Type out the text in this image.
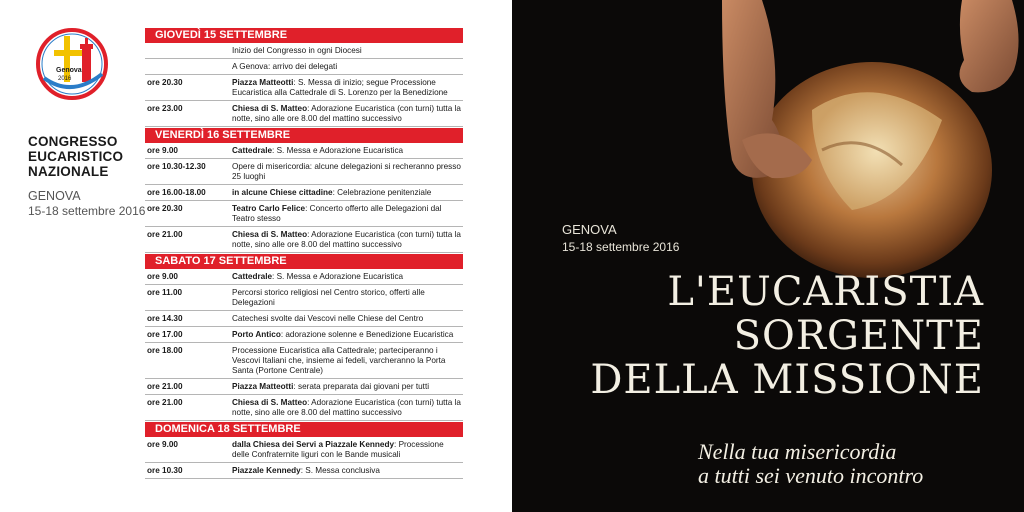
Genova
2016
CONGRESSO
EUCARISTICO
NAZIONALE
GENOVA
15-18 settembre 2016
GIOVEDÌ 15 SETTEMBRE
Inizio del Congresso in ogni Diocesi
A Genova: arrivo dei delegati
ore 20.30	Piazza Matteotti: S. Messa di inizio; segue Processione Eucaristica alla Cattedrale di S. Lorenzo per la Benedizione
ore 23.00	Chiesa di S. Matteo: Adorazione Eucaristica (con turni) tutta la notte, sino alle ore 8.00 del mattino successivo
VENERDÌ 16 SETTEMBRE
ore 9.00	Cattedrale: S. Messa e Adorazione Eucaristica
ore 10.30-12.30	Opere di misericordia: alcune delegazioni si recheranno presso 25 luoghi
ore 16.00-18.00	in alcune Chiese cittadine: Celebrazione penitenziale
ore 20.30	Teatro Carlo Felice: Concerto offerto alle Delegazioni dal Teatro stesso
ore 21.00	Chiesa di S. Matteo: Adorazione Eucaristica (con turni) tutta la notte, sino alle ore 8.00 del mattino successivo
SABATO 17 SETTEMBRE
ore 9.00	Cattedrale: S. Messa e Adorazione Eucaristica
ore 11.00	Percorsi storico religiosi nel Centro storico, offerti alle Delegazioni
ore 14.30	Catechesi svolte dai Vescovi nelle Chiese del Centro
ore 17.00	Porto Antico: adorazione solenne e Benedizione Eucaristica
ore 18.00	Processione Eucaristica alla Cattedrale; parteciperanno i Vescovi Italiani che, insieme ai fedeli, varcheranno la Porta Santa (Portone Centrale)
ore 21.00	Piazza Matteotti: serata preparata dai giovani per tutti
ore 21.00	Chiesa di S. Matteo: Adorazione Eucaristica (con turni) tutta la notte, sino alle ore 8.00 del mattino successivo
DOMENICA 18 SETTEMBRE
ore 9.00	dalla Chiesa dei Servi a Piazzale Kennedy: Processione delle Confraternite liguri con le Bande musicali
ore 10.30	Piazzale Kennedy: S. Messa conclusiva
GENOVA
15-18 settembre 2016
L'EUCARISTIA
SORGENTE
DELLA MISSIONE
Nella tua misericordia
a tutti sei venuto incontro
